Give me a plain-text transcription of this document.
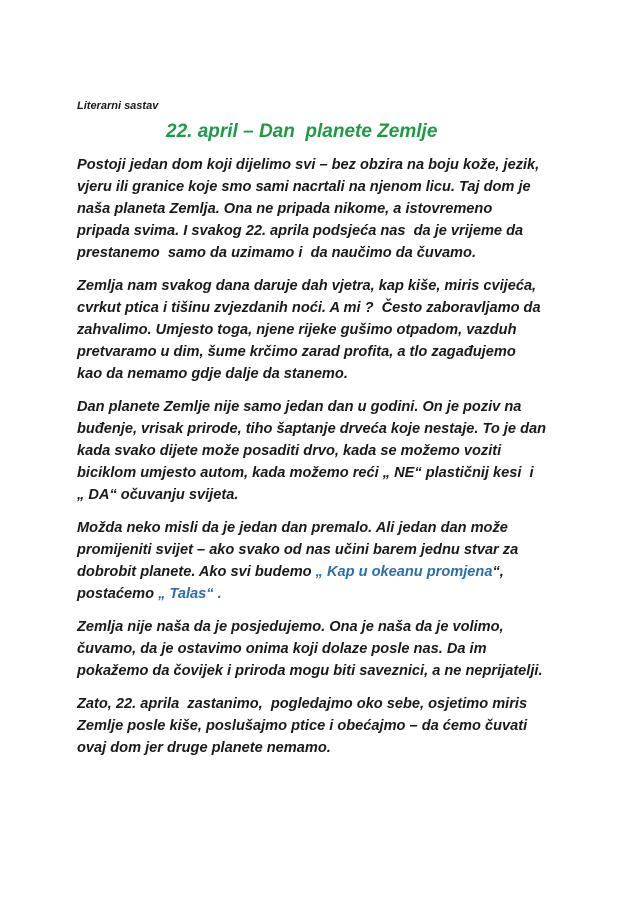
Literarni sastav
22. april – Dan  planete Zemlje

Postoji jedan dom koji dijelimo svi – bez obzira na boju kože, jezik,
vjeru ili granice koje smo sami nacrtali na njenom licu. Taj dom je
naša planeta Zemlja. Ona ne pripada nikome, a istovremeno
pripada svima. I svakog 22. aprila podsjeća nas  da je vrijeme da
prestanemo  samo da uzimamo i  da naučimo da čuvamo.

Zemlja nam svakog dana daruje dah vjetra, kap kiše, miris cvijeća,
cvrkut ptica i tišinu zvjezdanih noći. A mi ?  Često zaboravljamo da
zahvalimo. Umjesto toga, njene rijeke gušimo otpadom, vazduh
pretvaramo u dim, šume krčimo zarad profita, a tlo zagađujemo
kao da nemamo gdje dalje da stanemo.

Dan planete Zemlje nije samo jedan dan u godini. On je poziv na
buđenje, vrisak prirode, tiho šaptanje drveća koje nestaje. To je dan
kada svako dijete može posaditi drvo, kada se možemo voziti
biciklom umjesto autom, kada možemo reći „ NE“ plastičnij kesi  i
„ DA“ očuvanju svijeta.

Možda neko misli da je jedan dan premalo. Ali jedan dan može
promijeniti svijet – ako svako od nas učini barem jednu stvar za
dobrobit planete. Ako svi budemo „ Kap u okeanu promjena“,
postaćemo „ Talas“ .

Zemlja nije naša da je posjedujemo. Ona je naša da je volimo,
čuvamo, da je ostavimo onima koji dolaze posle nas. Da im
pokažemo da čovijek i priroda mogu biti saveznici, a ne neprijatelji.

Zato, 22. aprila  zastanimo,  pogledajmo oko sebe, osjetimo miris
Zemlje posle kiše, poslušajmo ptice i obećajmo – da ćemo čuvati
ovaj dom jer druge planete nemamo.
